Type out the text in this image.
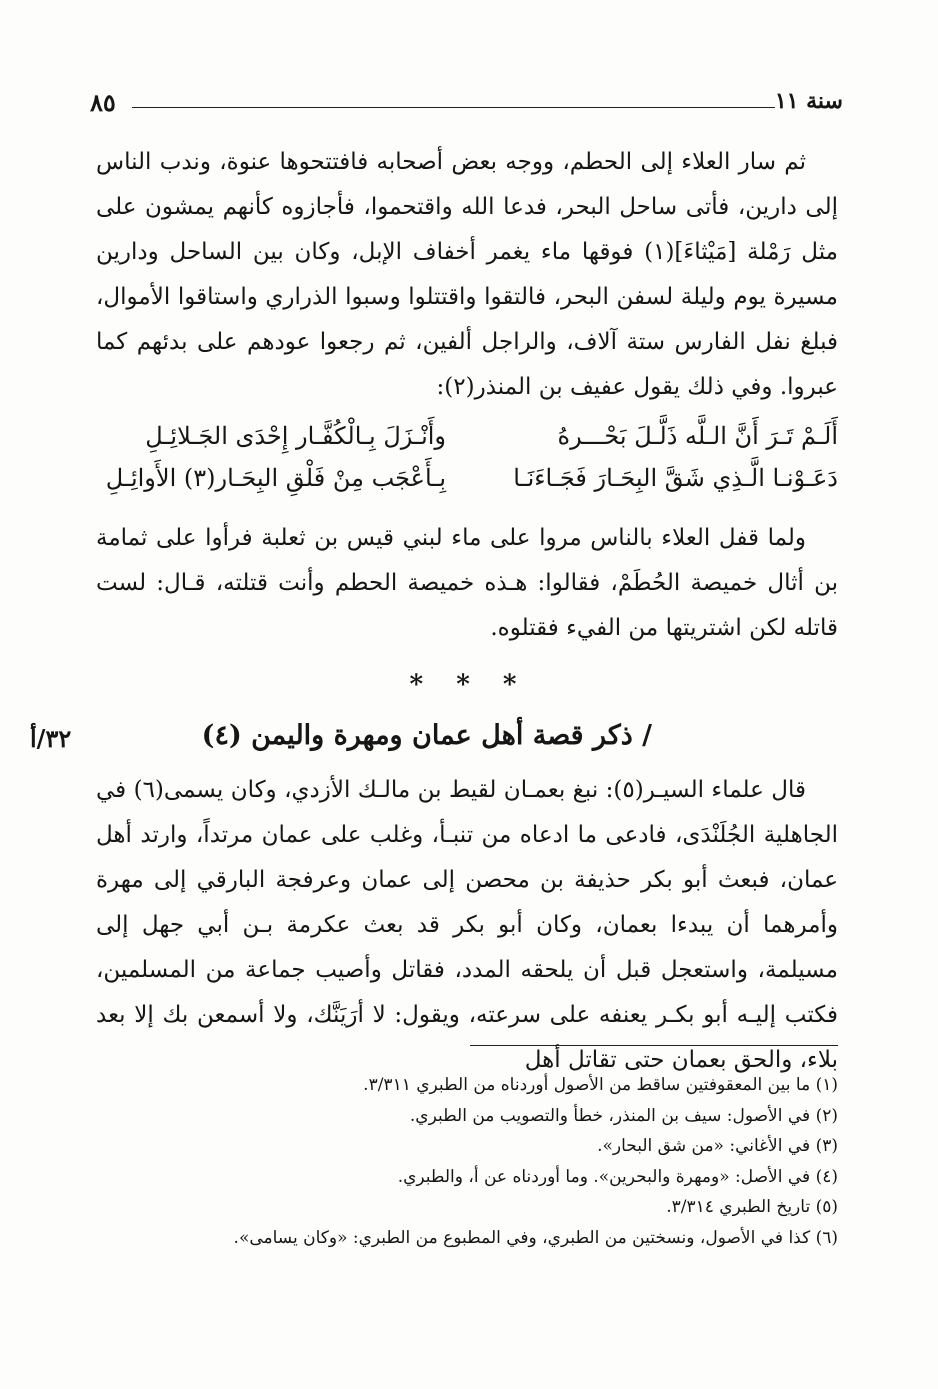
سنة ١١
٨٥

ثم سار العلاء إلى الحطم، ووجه بعض أصحابه فافتتحوها عنوة، وندب الناس إلى دارين، فأتى ساحل البحر، فدعا الله واقتحموا، فأجازوه كأنهم يمشون على مثل رَمْلة [مَيْثاءَ](١) فوقها ماء يغمر أخفاف الإبل، وكان بين الساحل ودارين مسيرة يوم وليلة لسفن البحر، فالتقوا واقتتلوا وسبوا الذراري واستاقوا الأموال، فبلغ نفل الفارس ستة آلاف، والراجل ألفين، ثم رجعوا عودهم على بدئهم كما عبروا. وفي ذلك يقول عفيف بن المنذر(٢):

أَلَـمْ تَـرَ أَنَّ الـلَّه ذَلَّـلَ بَحْـــرهُ
وأَنْـزَلَ بِـالْكُفَّـار إِحْدَى الجَـلائِـلِ
دَعَـوْنـا الَّـذِي شَقَّ البِحَـارَ فَجَـاءَنَـا
بِـأَعْجَب مِنْ فَلْقِ البِحَـار(٣) الأَوائِـلِ

ولما قفل العلاء بالناس مروا على ماء لبني قيس بن ثعلبة فرأوا على ثمامة بن أثال خميصة الحُطَمْ، فقالوا: هـذه خميصة الحطم وأنت قتلته، قـال: لست قاتله لكن اشتريتها من الفيء فقتلوه.

* * *
/ ذكر قصة أهل عمان ومهرة واليمن (٤)
٣٢/أ

قال علماء السيـر(٥): نبغ بعمـان لقيط بن مالـك الأزدي، وكان يسمى(٦) في الجاهلية الجُلَنْدَى، فادعى ما ادعاه من تنبـأ، وغلب على عمان مرتداً، وارتد أهل عمان، فبعث أبو بكر حذيفة بن محصن إلى عمان وعرفجة البارقي إلى مهرة وأمرهما أن يبدءا بعمان، وكان أبو بكر قد بعث عكرمة بـن أبي جهل إلى مسيلمة، واستعجل قبل أن يلحقه المدد، فقاتل وأصيب جماعة من المسلمين، فكتب إليـه أبو بكـر يعنفه على سرعته، ويقول: لا أرَيَنَّك، ولا أسمعن بك إلا بعد بلاء، والحق بعمان حتى تقاتل أهل

(١) ما بين المعقوفتين ساقط من الأصول أوردناه من الطبري ٣/٣١١.
(٢) في الأصول: سيف بن المنذر، خطأ والتصويب من الطبري.
(٣) في الأغاني: «من شق البحار».
(٤) في الأصل: «ومهرة والبحرين». وما أوردناه عن أ، والطبري.
(٥) تاريخ الطبري ٣/٣١٤.
(٦) كذا في الأصول، ونسختين من الطبري، وفي المطبوع من الطبري: «وكان يسامى».
